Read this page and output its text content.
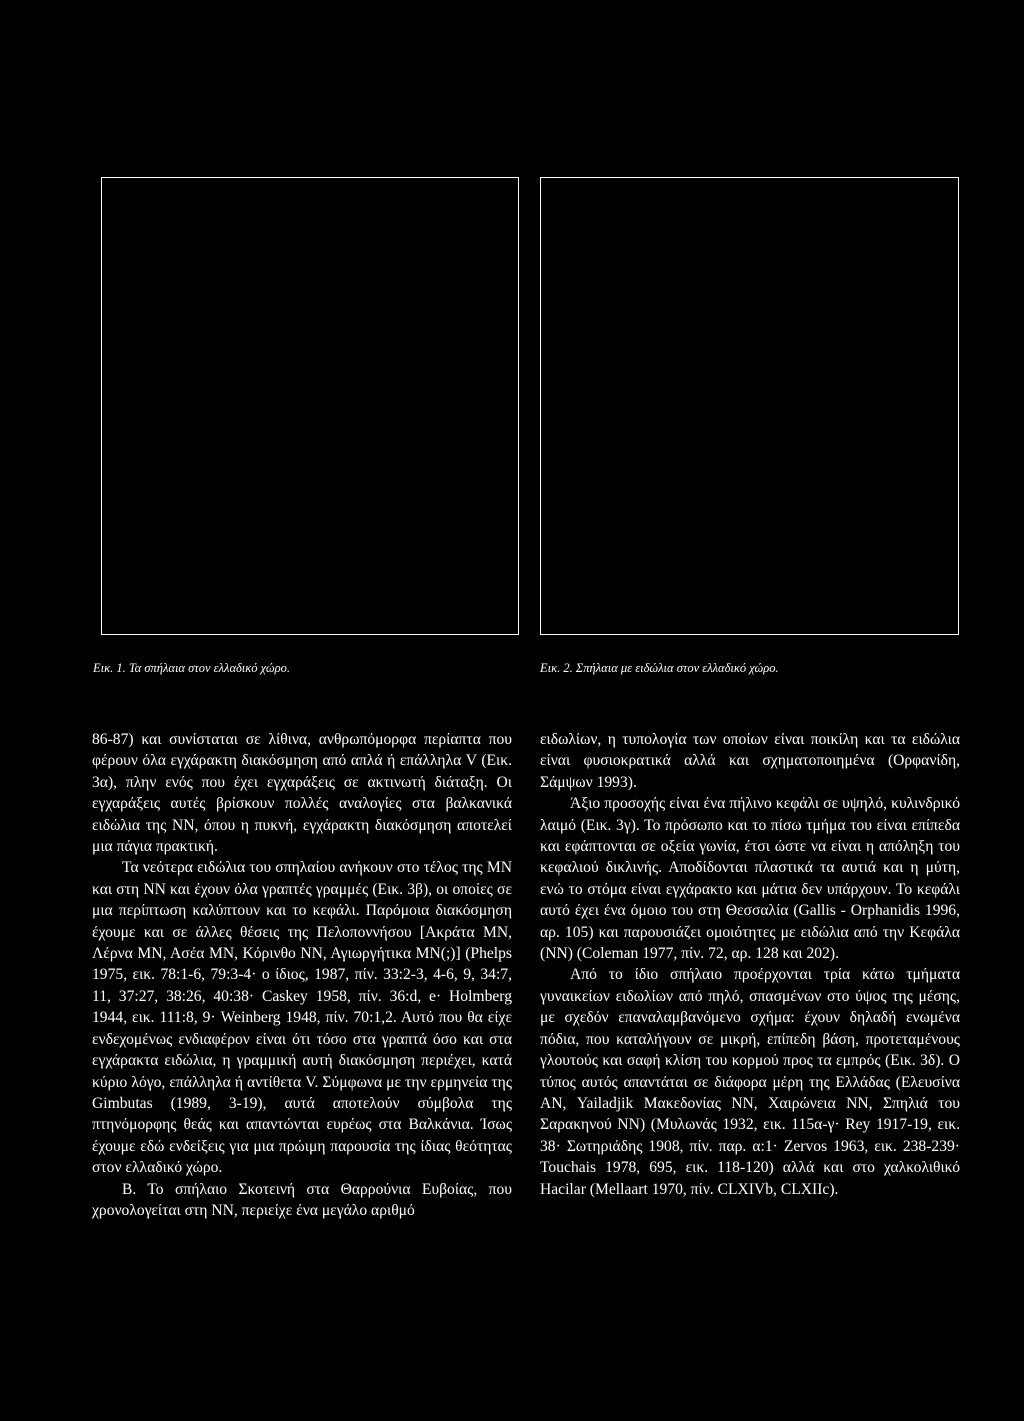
Εικ. 1. Τα σπήλαια στον ελλαδικό χώρο.	Εικ. 2. Σπήλαια με ειδώλια στον ελλαδικό χώρο.

86-87) και συνίσταται σε λίθινα, ανθρωπόμορφα περίαπτα που φέρουν όλα εγχάρακτη διακόσμηση από απλά ή επάλληλα V (Εικ. 3α), πλην ενός που έχει εγχαράξεις σε ακτινωτή διάταξη. Οι εγχαράξεις αυτές βρίσκουν πολλές αναλογίες στα βαλκανικά ειδώλια της ΝΝ, όπου η πυκνή, εγχάρακτη διακόσμηση αποτελεί μια πάγια πρακτική.

Τα νεότερα ειδώλια του σπηλαίου ανήκουν στο τέλος της ΜΝ και στη ΝΝ και έχουν όλα γραπτές γραμμές (Εικ. 3β), οι οποίες σε μια περίπτωση καλύπτουν και το κεφάλι. Παρόμοια διακόσμηση έχουμε και σε άλλες θέσεις της Πελοποννήσου [Ακράτα ΜΝ, Λέρνα ΜΝ, Ασέα ΜΝ, Κόρινθο ΝΝ, Αγιωργήτικα ΜΝ(;)] (Phelps 1975, εικ. 78:1-6, 79:3-4· ο ίδιος, 1987, πίν. 33:2-3, 4-6, 9, 34:7, 11, 37:27, 38:26, 40:38· Caskey 1958, πίν. 36:d, e· Holmberg 1944, εικ. 111:8, 9· Weinberg 1948, πίν. 70:1,2. Αυτό που θα είχε ενδεχομένως ενδιαφέρον είναι ότι τόσο στα γραπτά όσο και στα εγχάρακτα ειδώλια, η γραμμική αυτή διακόσμηση περιέχει, κατά κύριο λόγο, επάλληλα ή αντίθετα V. Σύμφωνα με την ερμηνεία της Gimbutas (1989, 3-19), αυτά αποτελούν σύμβολα της πτηνόμορφης θεάς και απαντώνται ευρέως στα Βαλκάνια. Ίσως έχουμε εδώ ενδείξεις για μια πρώιμη παρουσία της ίδιας θεότητας στον ελλαδικό χώρο.

Β. Το σπήλαιο Σκοτεινή στα Θαρρούνια Ευβοίας, που χρονολογείται στη ΝΝ, περιείχε ένα μεγάλο αριθμό

ειδωλίων, η τυπολογία των οποίων είναι ποικίλη και τα ειδώλια είναι φυσιοκρατικά αλλά και σχηματοποιημένα (Ορφανίδη, Σάμψων 1993).

Άξιο προσοχής είναι ένα πήλινο κεφάλι σε υψηλό, κυλινδρικό λαιμό (Εικ. 3γ). Το πρόσωπο και το πίσω τμήμα του είναι επίπεδα και εφάπτονται σε οξεία γωνία, έτσι ώστε να είναι η απόληξη του κεφαλιού δικλινής. Αποδίδονται πλαστικά τα αυτιά και η μύτη, ενώ το στόμα είναι εγχάρακτο και μάτια δεν υπάρχουν. Το κεφάλι αυτό έχει ένα όμοιο του στη Θεσσαλία (Gallis - Orphanidis 1996, αρ. 105) και παρουσιάζει ομοιότητες με ειδώλια από την Κεφάλα (ΝΝ) (Coleman 1977, πίν. 72, αρ. 128 και 202).

Από το ίδιο σπήλαιο προέρχονται τρία κάτω τμήματα γυναικείων ειδωλίων από πηλό, σπασμένων στο ύψος της μέσης, με σχεδόν επαναλαμβανόμενο σχήμα: έχουν δηλαδή ενωμένα πόδια, που καταλήγουν σε μικρή, επίπεδη βάση, προτεταμένους γλουτούς και σαφή κλίση του κορμού προς τα εμπρός (Εικ. 3δ). Ο τύπος αυτός απαντάται σε διάφορα μέρη της Ελλάδας (Ελευσίνα ΑΝ, Yailadjik Μακεδονίας ΝΝ, Χαιρώνεια ΝΝ, Σπηλιά του Σαρακηνού ΝΝ) (Μυλωνάς 1932, εικ. 115α-γ· Rey 1917-19, εικ. 38· Σωτηριάδης 1908, πίν. παρ. α:1· Zervos 1963, εικ. 238-239· Touchais 1978, 695, εικ. 118-120) αλλά και στο χαλκολιθικό Hacilar (Mellaart 1970, πίν. CLXIVb, CLXIIc).
